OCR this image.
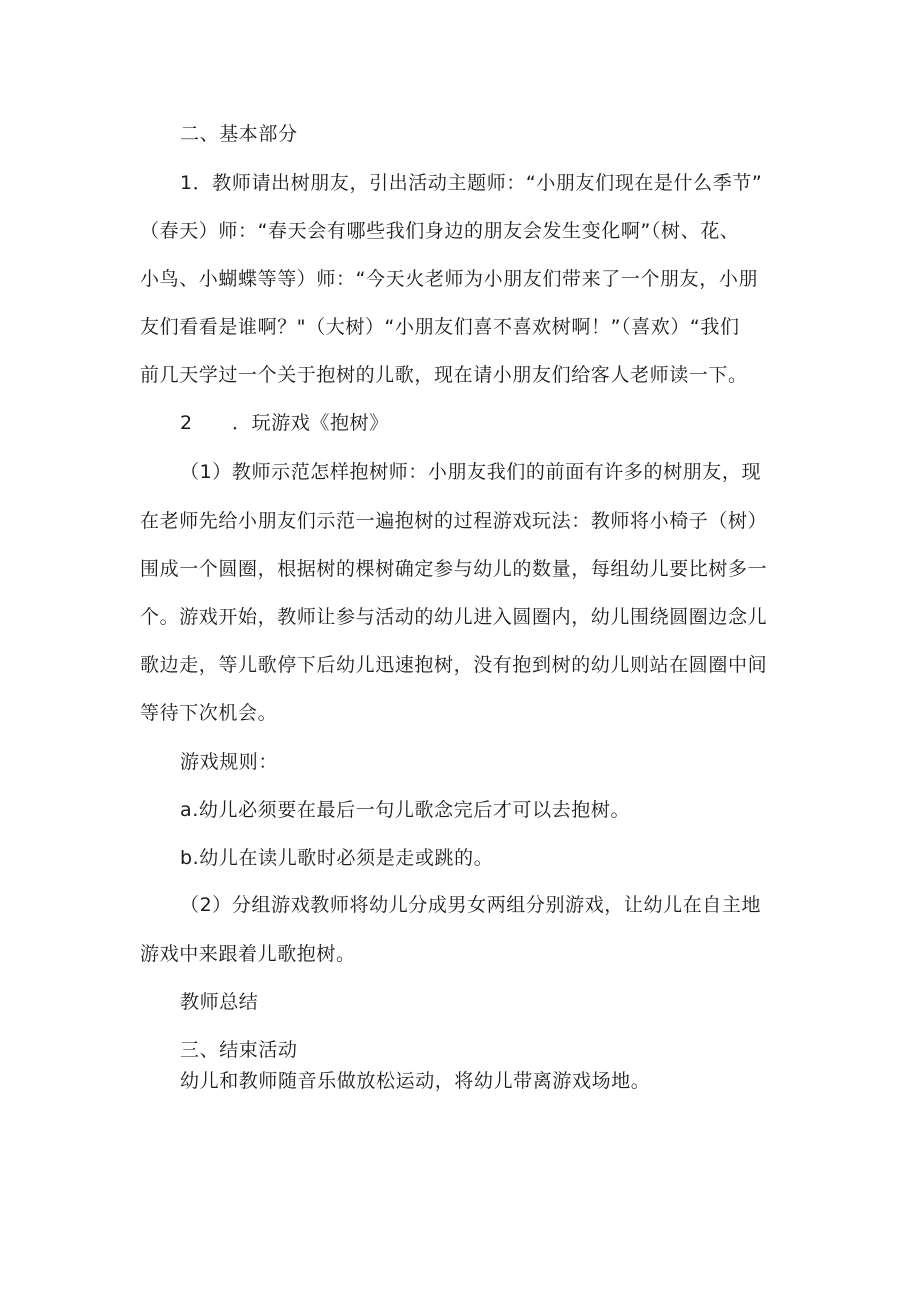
二、基本部分
1．教师请出树朋友，引出活动主题师：“小朋友们现在是什么季节”
（春天）师：“春天会有哪些我们身边的朋友会发生变化啊”（树、花、
小鸟、小蝴蝶等等）师：“今天火老师为小朋友们带来了一个朋友，小朋
友们看看是谁啊？"（大树）“小朋友们喜不喜欢树啊！”（喜欢）“我们
前几天学过一个关于抱树的儿歌，现在请小朋友们给客人老师读一下。
2 ．玩游戏《抱树》
（1）教师示范怎样抱树师：小朋友我们的前面有许多的树朋友，现
在老师先给小朋友们示范一遍抱树的过程游戏玩法：教师将小椅子（树）
围成一个圆圈，根据树的棵树确定参与幼儿的数量，每组幼儿要比树多一
个。游戏开始，教师让参与活动的幼儿进入圆圈内，幼儿围绕圆圈边念儿
歌边走，等儿歌停下后幼儿迅速抱树，没有抱到树的幼儿则站在圆圈中间
等待下次机会。
游戏规则：
a.幼儿必须要在最后一句儿歌念完后才可以去抱树。
b.幼儿在读儿歌时必须是走或跳的。
（2）分组游戏教师将幼儿分成男女两组分别游戏，让幼儿在自主地
游戏中来跟着儿歌抱树。
教师总结
三、结束活动
幼儿和教师随音乐做放松运动，将幼儿带离游戏场地。
